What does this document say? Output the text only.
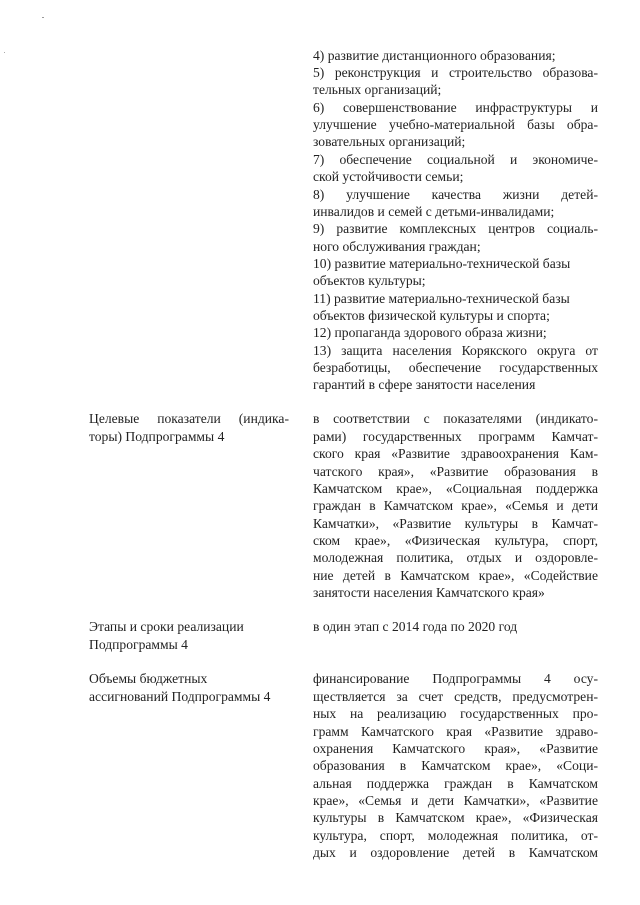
4) развитие дистанционного образования;
5) реконструкция и строительство образова-
тельных организаций;
6) совершенствование инфраструктуры и
улучшение учебно-материальной базы обра-
зовательных организаций;
7) обеспечение социальной и экономиче-
ской устойчивости семьи;
8) улучшение качества жизни детей-
инвалидов и семей с детьми-инвалидами;
9) развитие комплексных центров социаль-
ного обслуживания граждан;
10) развитие материально-технической базы
объектов культуры;
11) развитие материально-технической базы
объектов физической культуры и спорта;
12) пропаганда здорового образа жизни;
13) защита населения Корякского округа от
безработицы, обеспечение государственных
гарантий в сфере занятости населения
Целевые показатели (индика-
торы) Подпрограммы 4
в соответствии с показателями (индикато-
рами) государственных программ Камчат-
ского края «Развитие здравоохранения Кам-
чатского края», «Развитие образования в
Камчатском крае», «Социальная поддержка
граждан в Камчатском крае», «Семья и дети
Камчатки», «Развитие культуры в Камчат-
ском крае», «Физическая культура, спорт,
молодежная политика, отдых и оздоровле-
ние детей в Камчатском крае», «Содействие
занятости населения Камчатского края»
Этапы и сроки реализации
Подпрограммы 4
в один этап с 2014 года по 2020 год
Объемы бюджетных
ассигнований Подпрограммы 4
финансирование Подпрограммы 4 осу-
ществляется за счет средств, предусмотрен-
ных на реализацию государственных про-
грамм Камчатского края «Развитие здраво-
охранения Камчатского края», «Развитие
образования в Камчатском крае», «Соци-
альная поддержка граждан в Камчатском
крае», «Семья и дети Камчатки», «Развитие
культуры в Камчатском крае», «Физическая
культура, спорт, молодежная политика, от-
дых и оздоровление детей в Камчатском
